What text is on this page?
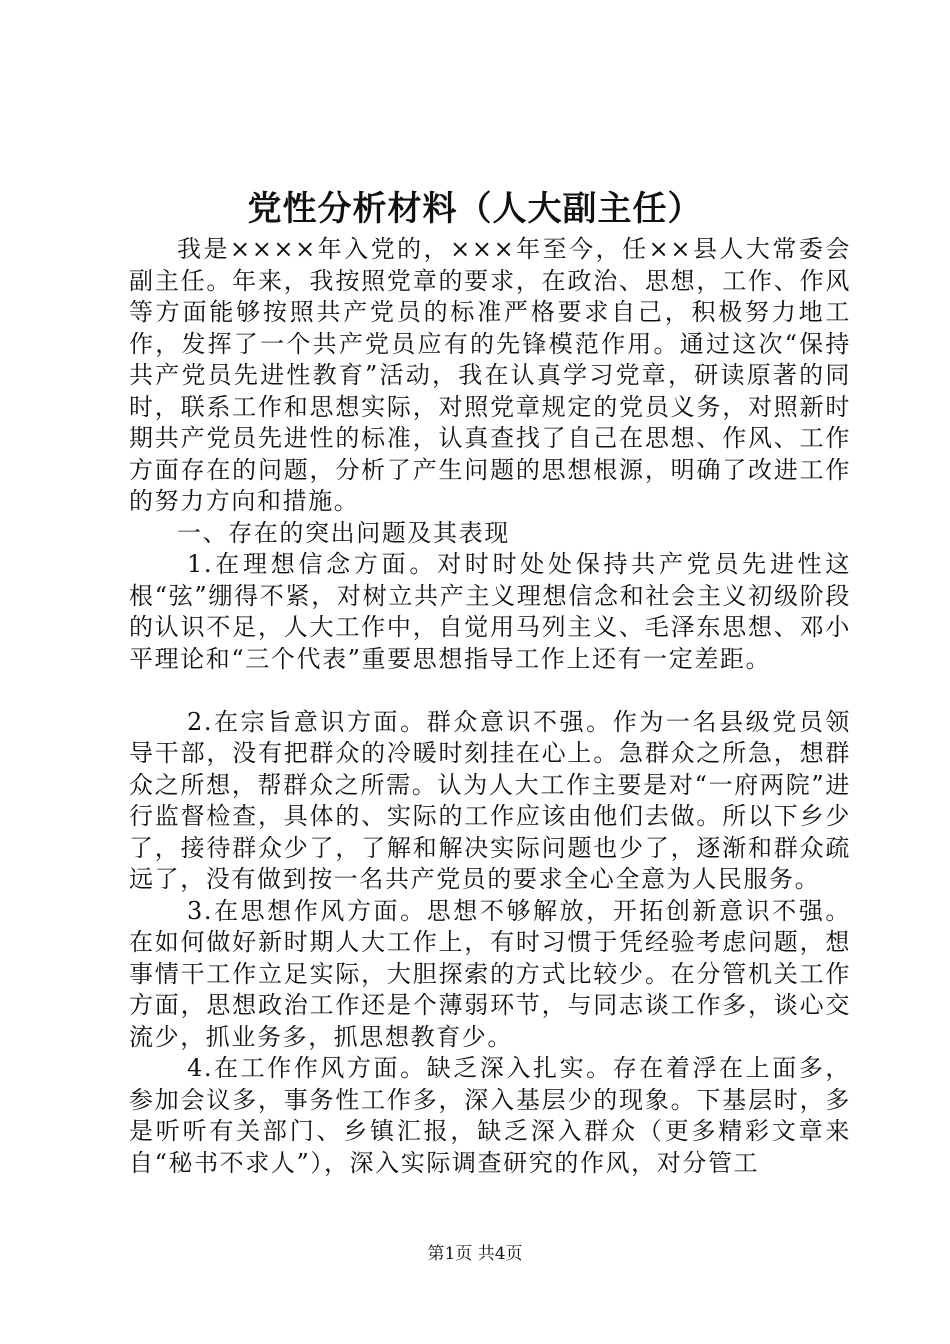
党性分析材料（人大副主任）

我是××××年入党的，×××年至今，任××县人大常委会副主任。年来，我按照党章的要求，在政治、思想，工作、作风等方面能够按照共产党员的标准严格要求自己，积极努力地工作，发挥了一个共产党员应有的先锋模范作用。通过这次“保持共产党员先进性教育”活动，我在认真学习党章，研读原著的同时，联系工作和思想实际，对照党章规定的党员义务，对照新时期共产党员先进性的标准，认真查找了自己在思想、作风、工作方面存在的问题，分析了产生问题的思想根源，明确了改进工作的努力方向和措施。

一、存在的突出问题及其表现

1.在理想信念方面。对时时处处保持共产党员先进性这根“弦”绷得不紧，对树立共产主义理想信念和社会主义初级阶段的认识不足，人大工作中，自觉用马列主义、毛泽东思想、邓小平理论和“三个代表”重要思想指导工作上还有一定差距。

2.在宗旨意识方面。群众意识不强。作为一名县级党员领导干部，没有把群众的冷暖时刻挂在心上。急群众之所急，想群众之所想，帮群众之所需。认为人大工作主要是对“一府两院”进行监督检查，具体的、实际的工作应该由他们去做。所以下乡少了，接待群众少了，了解和解决实际问题也少了，逐渐和群众疏远了，没有做到按一名共产党员的要求全心全意为人民服务。

3.在思想作风方面。思想不够解放，开拓创新意识不强。在如何做好新时期人大工作上，有时习惯于凭经验考虑问题，想事情干工作立足实际，大胆探索的方式比较少。在分管机关工作方面，思想政治工作还是个薄弱环节，与同志谈工作多，谈心交流少，抓业务多，抓思想教育少。

4.在工作作风方面。缺乏深入扎实。存在着浮在上面多，参加会议多，事务性工作多，深入基层少的现象。下基层时，多是听听有关部门、乡镇汇报，缺乏深入群众（更多精彩文章来自“秘书不求人”），深入实际调查研究的作风，对分管工

第1页 共4页
